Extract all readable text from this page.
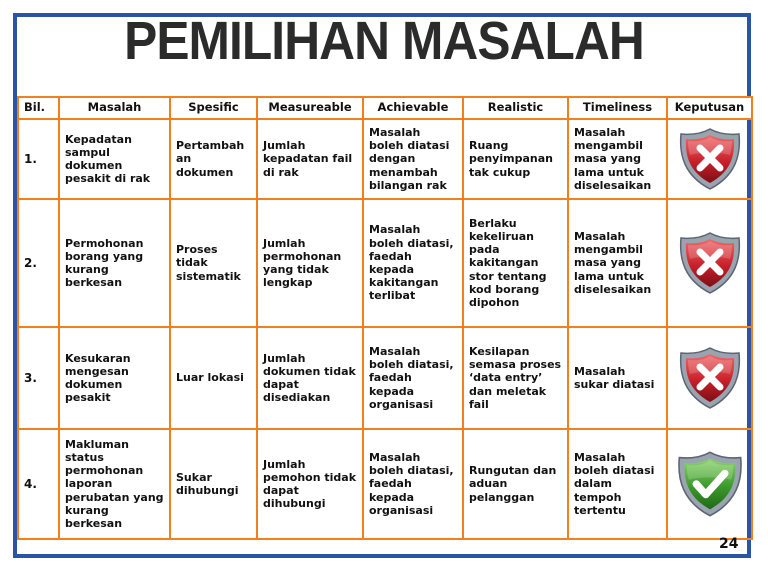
PEMILIHAN MASALAH
Bil.	Masalah	Spesific	Measureable	Achievable	Realistic	Timeliness	Keputusan
1.	Kepadatan sampul dokumen pesakit di rak	Pertambah an dokumen	Jumlah kepadatan fail di rak	Masalah boleh diatasi dengan menambah bilangan rak	Ruang penyimpanan tak cukup	Masalah mengambil masa yang lama untuk diselesaikan	

2.	Permohonan borang yang kurang berkesan	Proses tidak sistematik	Jumlah permohonan yang tidak lengkap	Masalah boleh diatasi, faedah kepada kakitangan terlibat	Berlaku kekeliruan pada kakitangan stor tentang kod borang dipohon	Masalah mengambil masa yang lama untuk diselesaikan	

3.	Kesukaran mengesan dokumen pesakit	Luar lokasi	Jumlah dokumen tidak dapat disediakan	Masalah boleh diatasi, faedah kepada organisasi	Kesilapan semasa proses ‘data entry’ dan meletak fail	Masalah sukar diatasi	

4.	Makluman status permohonan laporan perubatan yang kurang berkesan	Sukar dihubungi	Jumlah pemohon tidak dapat dihubungi	Masalah boleh diatasi, faedah kepada organisasi	Rungutan dan aduan pelanggan	Masalah boleh diatasi dalam tempoh tertentu	
24
